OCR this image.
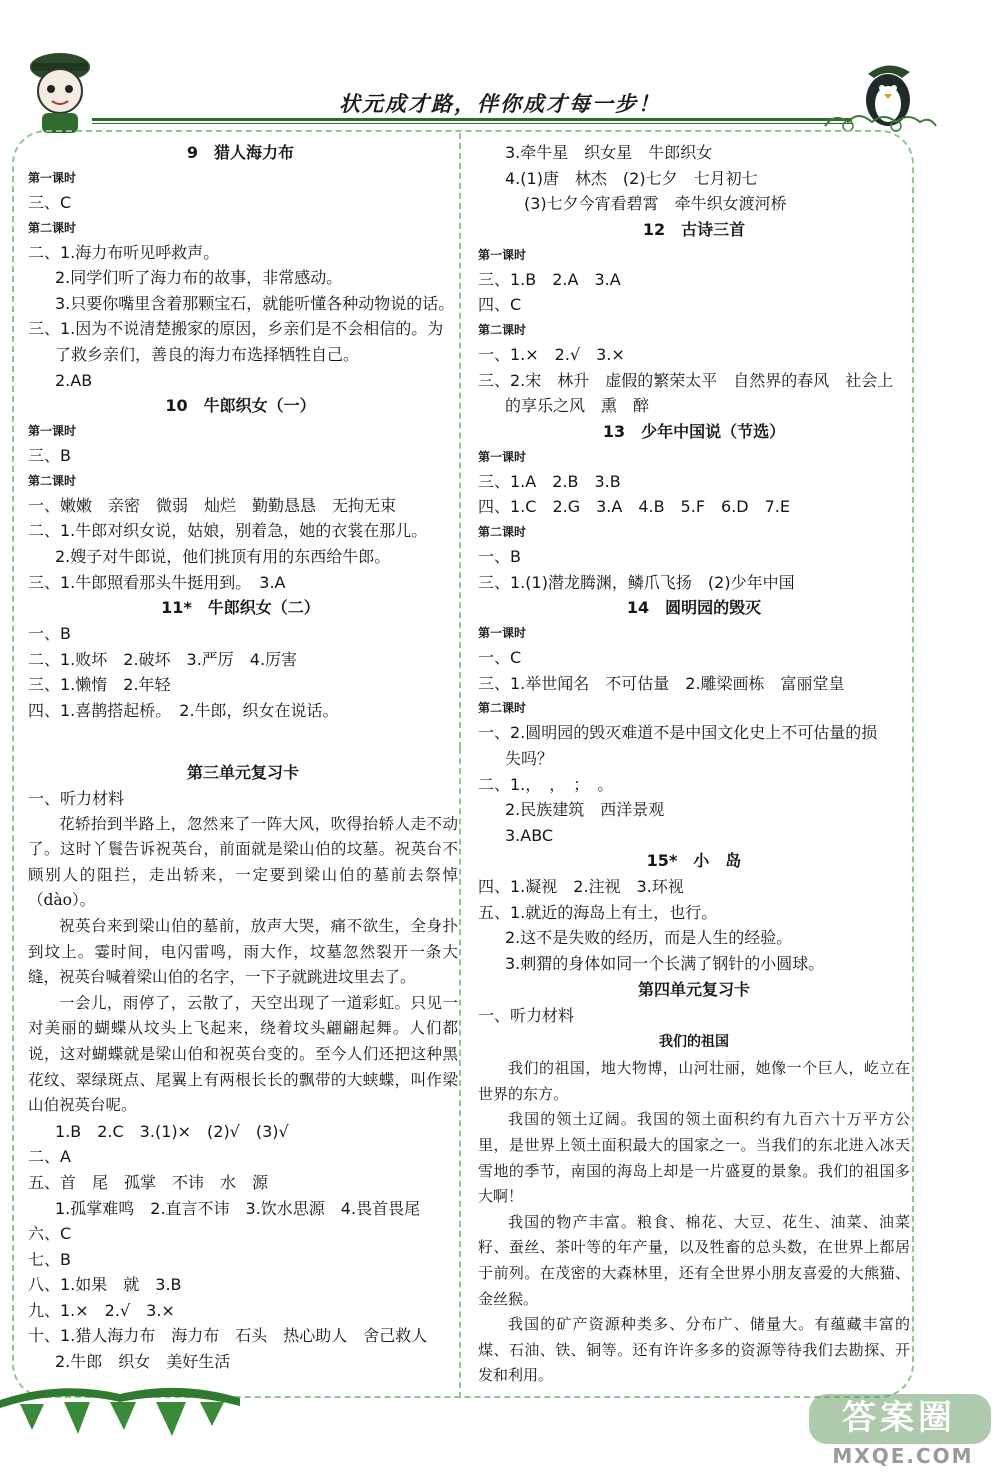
状元成才路，伴你成才每一步！
9　猎人海力布
第一课时
三、C
第二课时
二、1.海力布听见呼救声。
2.同学们听了海力布的故事，非常感动。
3.只要你嘴里含着那颗宝石，就能听懂各种动物说的话。
三、1.因为不说清楚搬家的原因，乡亲们是不会相信的。为
了救乡亲们，善良的海力布选择牺牲自己。
2.AB
10　牛郎织女（一）
第一课时
三、B
第二课时
一、嫩嫩　亲密　微弱　灿烂　勤勤恳恳　无拘无束
二、1.牛郎对织女说，姑娘，别着急，她的衣裳在那儿。
2.嫂子对牛郎说，他们挑顶有用的东西给牛郎。
三、1.牛郎照看那头牛挺用到。　3.A
11*　牛郎织女（二）
一、B
二、1.败坏　2.破坏　3.严厉　4.厉害
三、1.懒惰　2.年轻
四、1.喜鹊搭起桥。　2.牛郎，织女在说话。
第三单元复习卡
一、听力材料
花轿抬到半路上，忽然来了一阵大风，吹得抬轿人走不动了。这时丫鬟告诉祝英台，前面就是梁山伯的坟墓。祝英台不顾别人的阻拦，走出轿来，一定要到梁山伯的墓前去祭悼（dào）。
祝英台来到梁山伯的墓前，放声大哭，痛不欲生，全身扑到坟上。霎时间，电闪雷鸣，雨大作，坟墓忽然裂开一条大缝，祝英台喊着梁山伯的名字，一下子就跳进坟里去了。
一会儿，雨停了，云散了，天空出现了一道彩虹。只见一对美丽的蝴蝶从坟头上飞起来，绕着坟头翩翩起舞。人们都说，这对蝴蝶就是梁山伯和祝英台变的。至今人们还把这种黑花纹、翠绿斑点、尾翼上有两根长长的飘带的大蛱蝶，叫作梁山伯祝英台呢。
1.B　2.C　3.(1)×　(2)√　(3)√
二、A
五、首　尾　孤掌　不讳　水　源
1.孤掌难鸣　2.直言不讳　3.饮水思源　4.畏首畏尾
六、C
七、B
八、1.如果　就　3.B
九、1.×　2.√　3.×
十、1.猎人海力布　海力布　石头　热心助人　舍己救人
2.牛郎　织女　美好生活
3.牵牛星　织女星　牛郎织女
4.(1)唐　林杰　(2)七夕　七月初七
(3)七夕今宵看碧霄　牵牛织女渡河桥
12　古诗三首
第一课时
三、1.B　2.A　3.A
四、C
第二课时
一、1.×　2.√　3.×
三、2.宋　林升　虚假的繁荣太平　自然界的春风　社会上
的享乐之风　熏　醉
13　少年中国说（节选）
第一课时
三、1.A　2.B　3.B
四、1.C　2.G　3.A　4.B　5.F　6.D　7.E
第二课时
一、B
三、1.(1)潜龙腾渊，鳞爪飞扬　(2)少年中国
14　圆明园的毁灭
第一课时
一、C
三、1.举世闻名　不可估量　2.雕梁画栋　富丽堂皇
第二课时
一、2.圆明园的毁灭难道不是中国文化史上不可估量的损
失吗？
二、1.，　，　；　。
2.民族建筑　西洋景观
3.ABC
15*　小　岛
四、1.凝视　2.注视　3.环视
五、1.就近的海岛上有土，也行。
2.这不是失败的经历，而是人生的经验。
3.刺猬的身体如同一个长满了钢针的小圆球。
第四单元复习卡
一、听力材料
我们的祖国
我们的祖国，地大物博，山河壮丽，她像一个巨人，屹立在世界的东方。
我国的领土辽阔。我国的领土面积约有九百六十万平方公里，是世界上领土面积最大的国家之一。当我们的东北进入冰天雪地的季节，南国的海岛上却是一片盛夏的景象。我们的祖国多大啊！
我国的物产丰富。粮食、棉花、大豆、花生、油菜、油菜籽、蚕丝、茶叶等的年产量，以及牲畜的总头数，在世界上都居于前列。在茂密的大森林里，还有全世界小朋友喜爱的大熊猫、金丝猴。
我国的矿产资源种类多、分布广、储量大。有蕴藏丰富的煤、石油、铁、铜等。还有许许多多的资源等待我们去勘探、开发和利用。
答案圈
MXQE.COM
